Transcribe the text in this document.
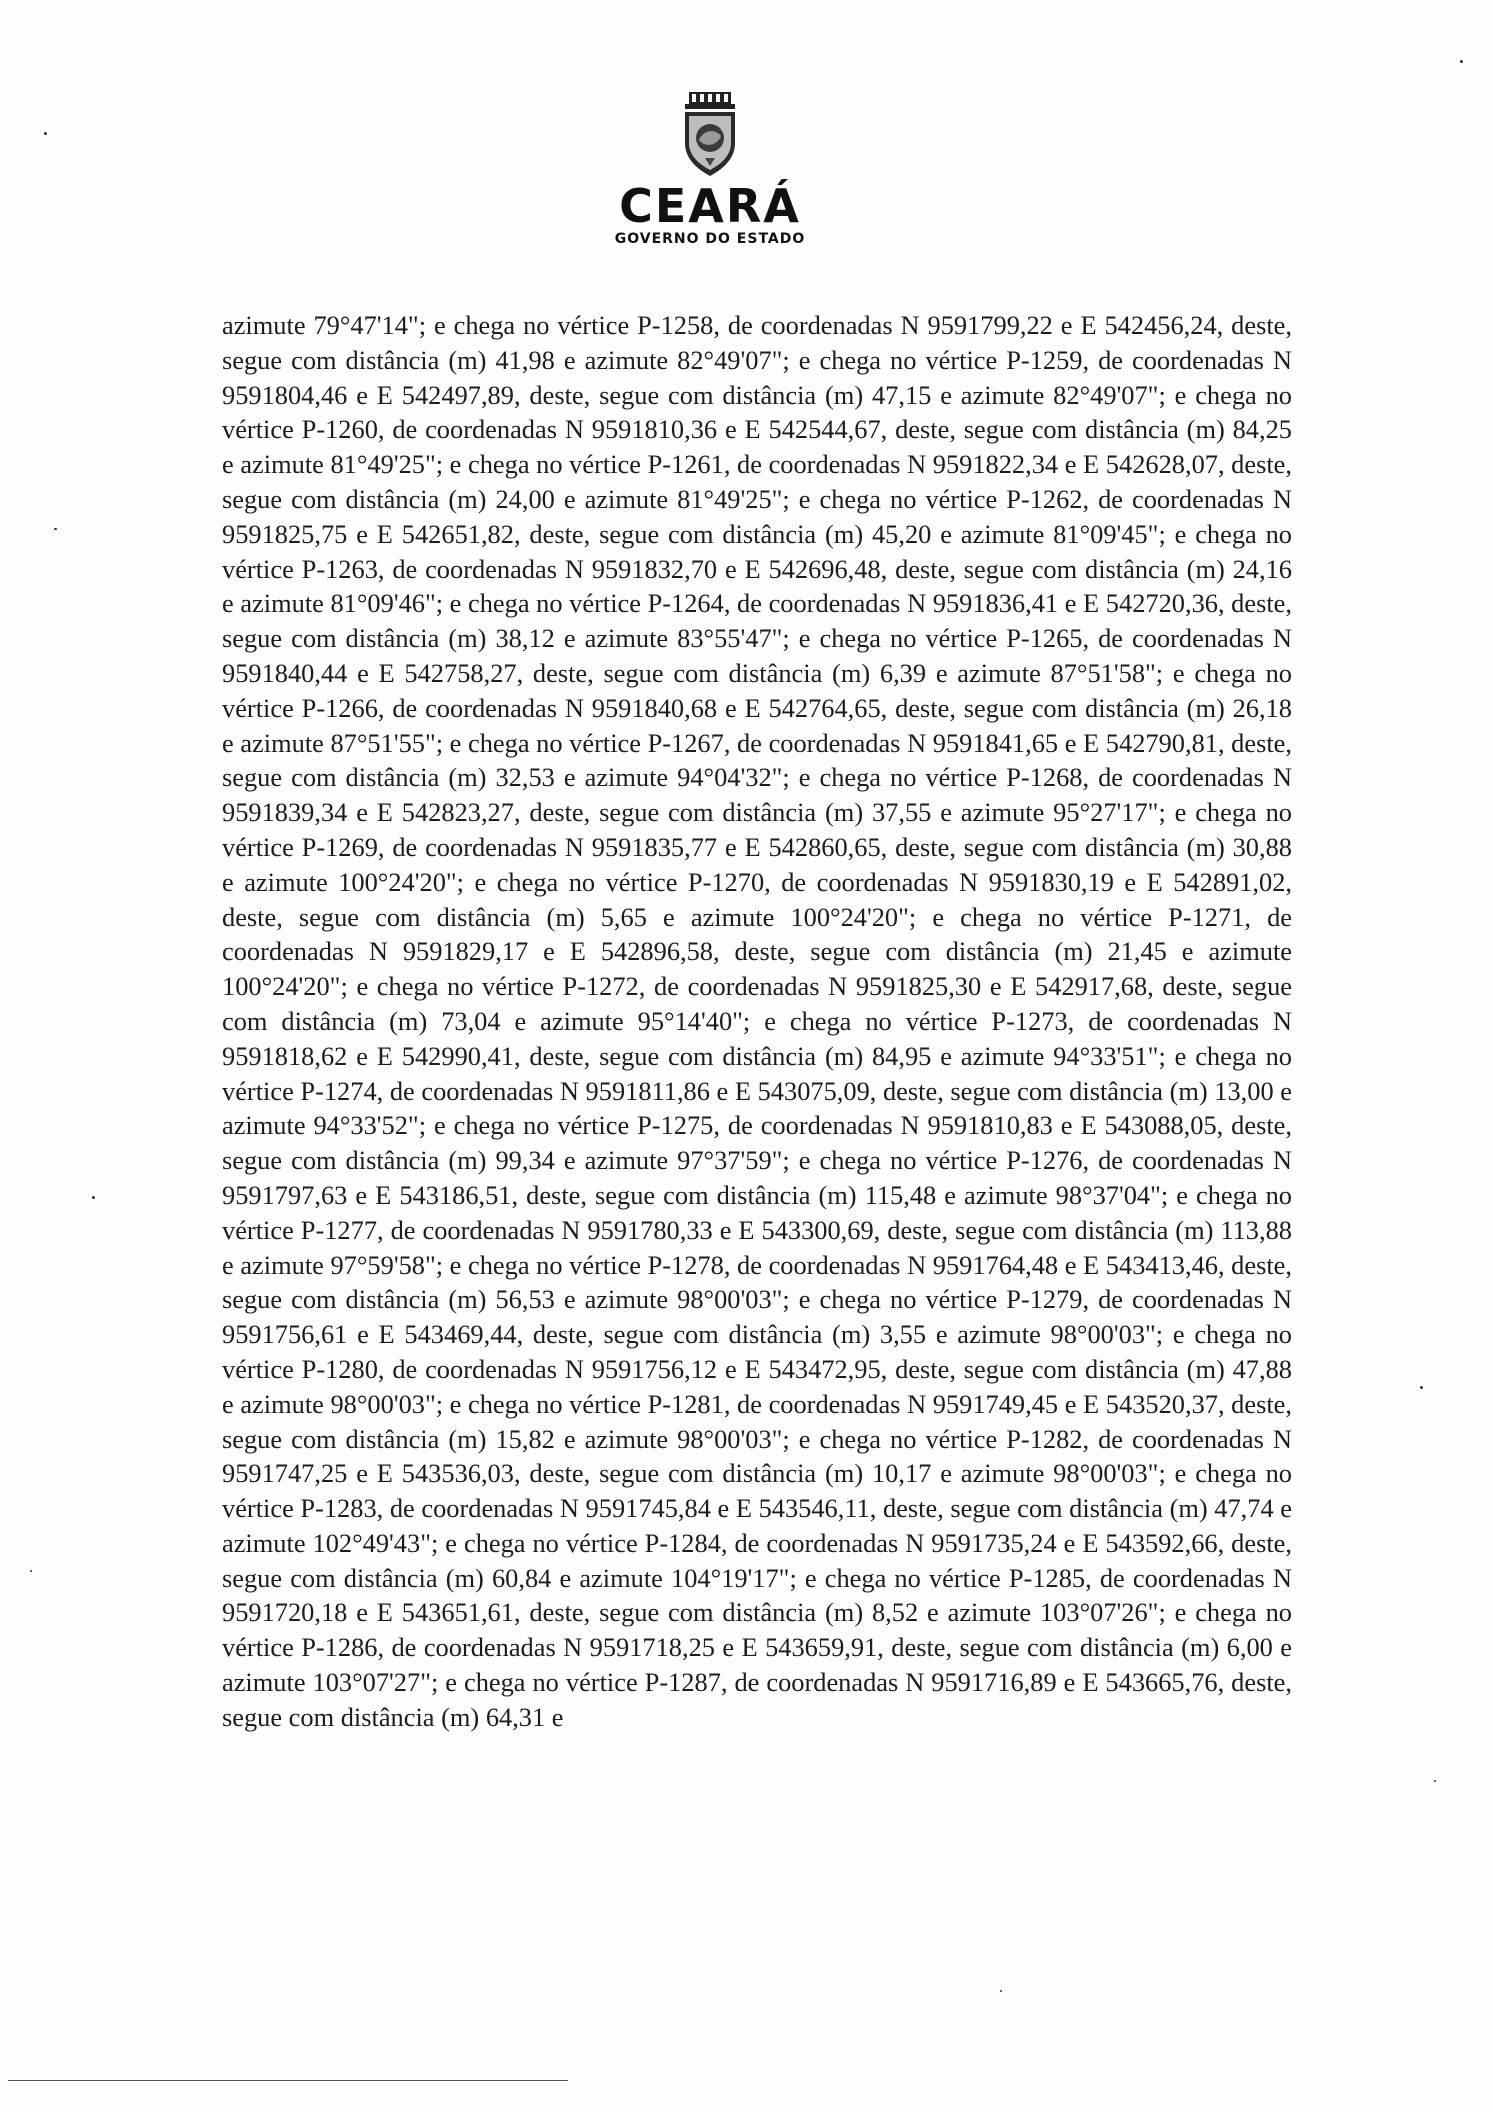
CEARÁ
GOVERNO DO ESTADO

azimute 79°47'14"; e chega no vértice P-1258, de coordenadas N 9591799,22 e E 542456,24, deste, segue com distância (m) 41,98 e azimute 82°49'07"; e chega no vértice P-1259, de coordenadas N 9591804,46 e E 542497,89, deste, segue com distância (m) 47,15 e azimute 82°49'07"; e chega no vértice P-1260, de coordenadas N 9591810,36 e E 542544,67, deste, segue com distância (m) 84,25 e azimute 81°49'25"; e chega no vértice P-1261, de coordenadas N 9591822,34 e E 542628,07, deste, segue com distância (m) 24,00 e azimute 81°49'25"; e chega no vértice P-1262, de coordenadas N 9591825,75 e E 542651,82, deste, segue com distância (m) 45,20 e azimute 81°09'45"; e chega no vértice P-1263, de coordenadas N 9591832,70 e E 542696,48, deste, segue com distância (m) 24,16 e azimute 81°09'46"; e chega no vértice P-1264, de coordenadas N 9591836,41 e E 542720,36, deste, segue com distância (m) 38,12 e azimute 83°55'47"; e chega no vértice P-1265, de coordenadas N 9591840,44 e E 542758,27, deste, segue com distância (m) 6,39 e azimute 87°51'58"; e chega no vértice P-1266, de coordenadas N 9591840,68 e E 542764,65, deste, segue com distância (m) 26,18 e azimute 87°51'55"; e chega no vértice P-1267, de coordenadas N 9591841,65 e E 542790,81, deste, segue com distância (m) 32,53 e azimute 94°04'32"; e chega no vértice P-1268, de coordenadas N 9591839,34 e E 542823,27, deste, segue com distância (m) 37,55 e azimute 95°27'17"; e chega no vértice P-1269, de coordenadas N 9591835,77 e E 542860,65, deste, segue com distância (m) 30,88 e azimute 100°24'20"; e chega no vértice P-1270, de coordenadas N 9591830,19 e E 542891,02, deste, segue com distância (m) 5,65 e azimute 100°24'20"; e chega no vértice P-1271, de coordenadas N 9591829,17 e E 542896,58, deste, segue com distância (m) 21,45 e azimute 100°24'20"; e chega no vértice P-1272, de coordenadas N 9591825,30 e E 542917,68, deste, segue com distância (m) 73,04 e azimute 95°14'40"; e chega no vértice P-1273, de coordenadas N 9591818,62 e E 542990,41, deste, segue com distância (m) 84,95 e azimute 94°33'51"; e chega no vértice P-1274, de coordenadas N 9591811,86 e E 543075,09, deste, segue com distância (m) 13,00 e azimute 94°33'52"; e chega no vértice P-1275, de coordenadas N 9591810,83 e E 543088,05, deste, segue com distância (m) 99,34 e azimute 97°37'59"; e chega no vértice P-1276, de coordenadas N 9591797,63 e E 543186,51, deste, segue com distância (m) 115,48 e azimute 98°37'04"; e chega no vértice P-1277, de coordenadas N 9591780,33 e E 543300,69, deste, segue com distância (m) 113,88 e azimute 97°59'58"; e chega no vértice P-1278, de coordenadas N 9591764,48 e E 543413,46, deste, segue com distância (m) 56,53 e azimute 98°00'03"; e chega no vértice P-1279, de coordenadas N 9591756,61 e E 543469,44, deste, segue com distância (m) 3,55 e azimute 98°00'03"; e chega no vértice P-1280, de coordenadas N 9591756,12 e E 543472,95, deste, segue com distância (m) 47,88 e azimute 98°00'03"; e chega no vértice P-1281, de coordenadas N 9591749,45 e E 543520,37, deste, segue com distância (m) 15,82 e azimute 98°00'03"; e chega no vértice P-1282, de coordenadas N 9591747,25 e E 543536,03, deste, segue com distância (m) 10,17 e azimute 98°00'03"; e chega no vértice P-1283, de coordenadas N 9591745,84 e E 543546,11, deste, segue com distância (m) 47,74 e azimute 102°49'43"; e chega no vértice P-1284, de coordenadas N 9591735,24 e E 543592,66, deste, segue com distância (m) 60,84 e azimute 104°19'17"; e chega no vértice P-1285, de coordenadas N 9591720,18 e E 543651,61, deste, segue com distância (m) 8,52 e azimute 103°07'26"; e chega no vértice P-1286, de coordenadas N 9591718,25 e E 543659,91, deste, segue com distância (m) 6,00 e azimute 103°07'27"; e chega no vértice P-1287, de coordenadas N 9591716,89 e E 543665,76, deste, segue com distância (m) 64,31 e
